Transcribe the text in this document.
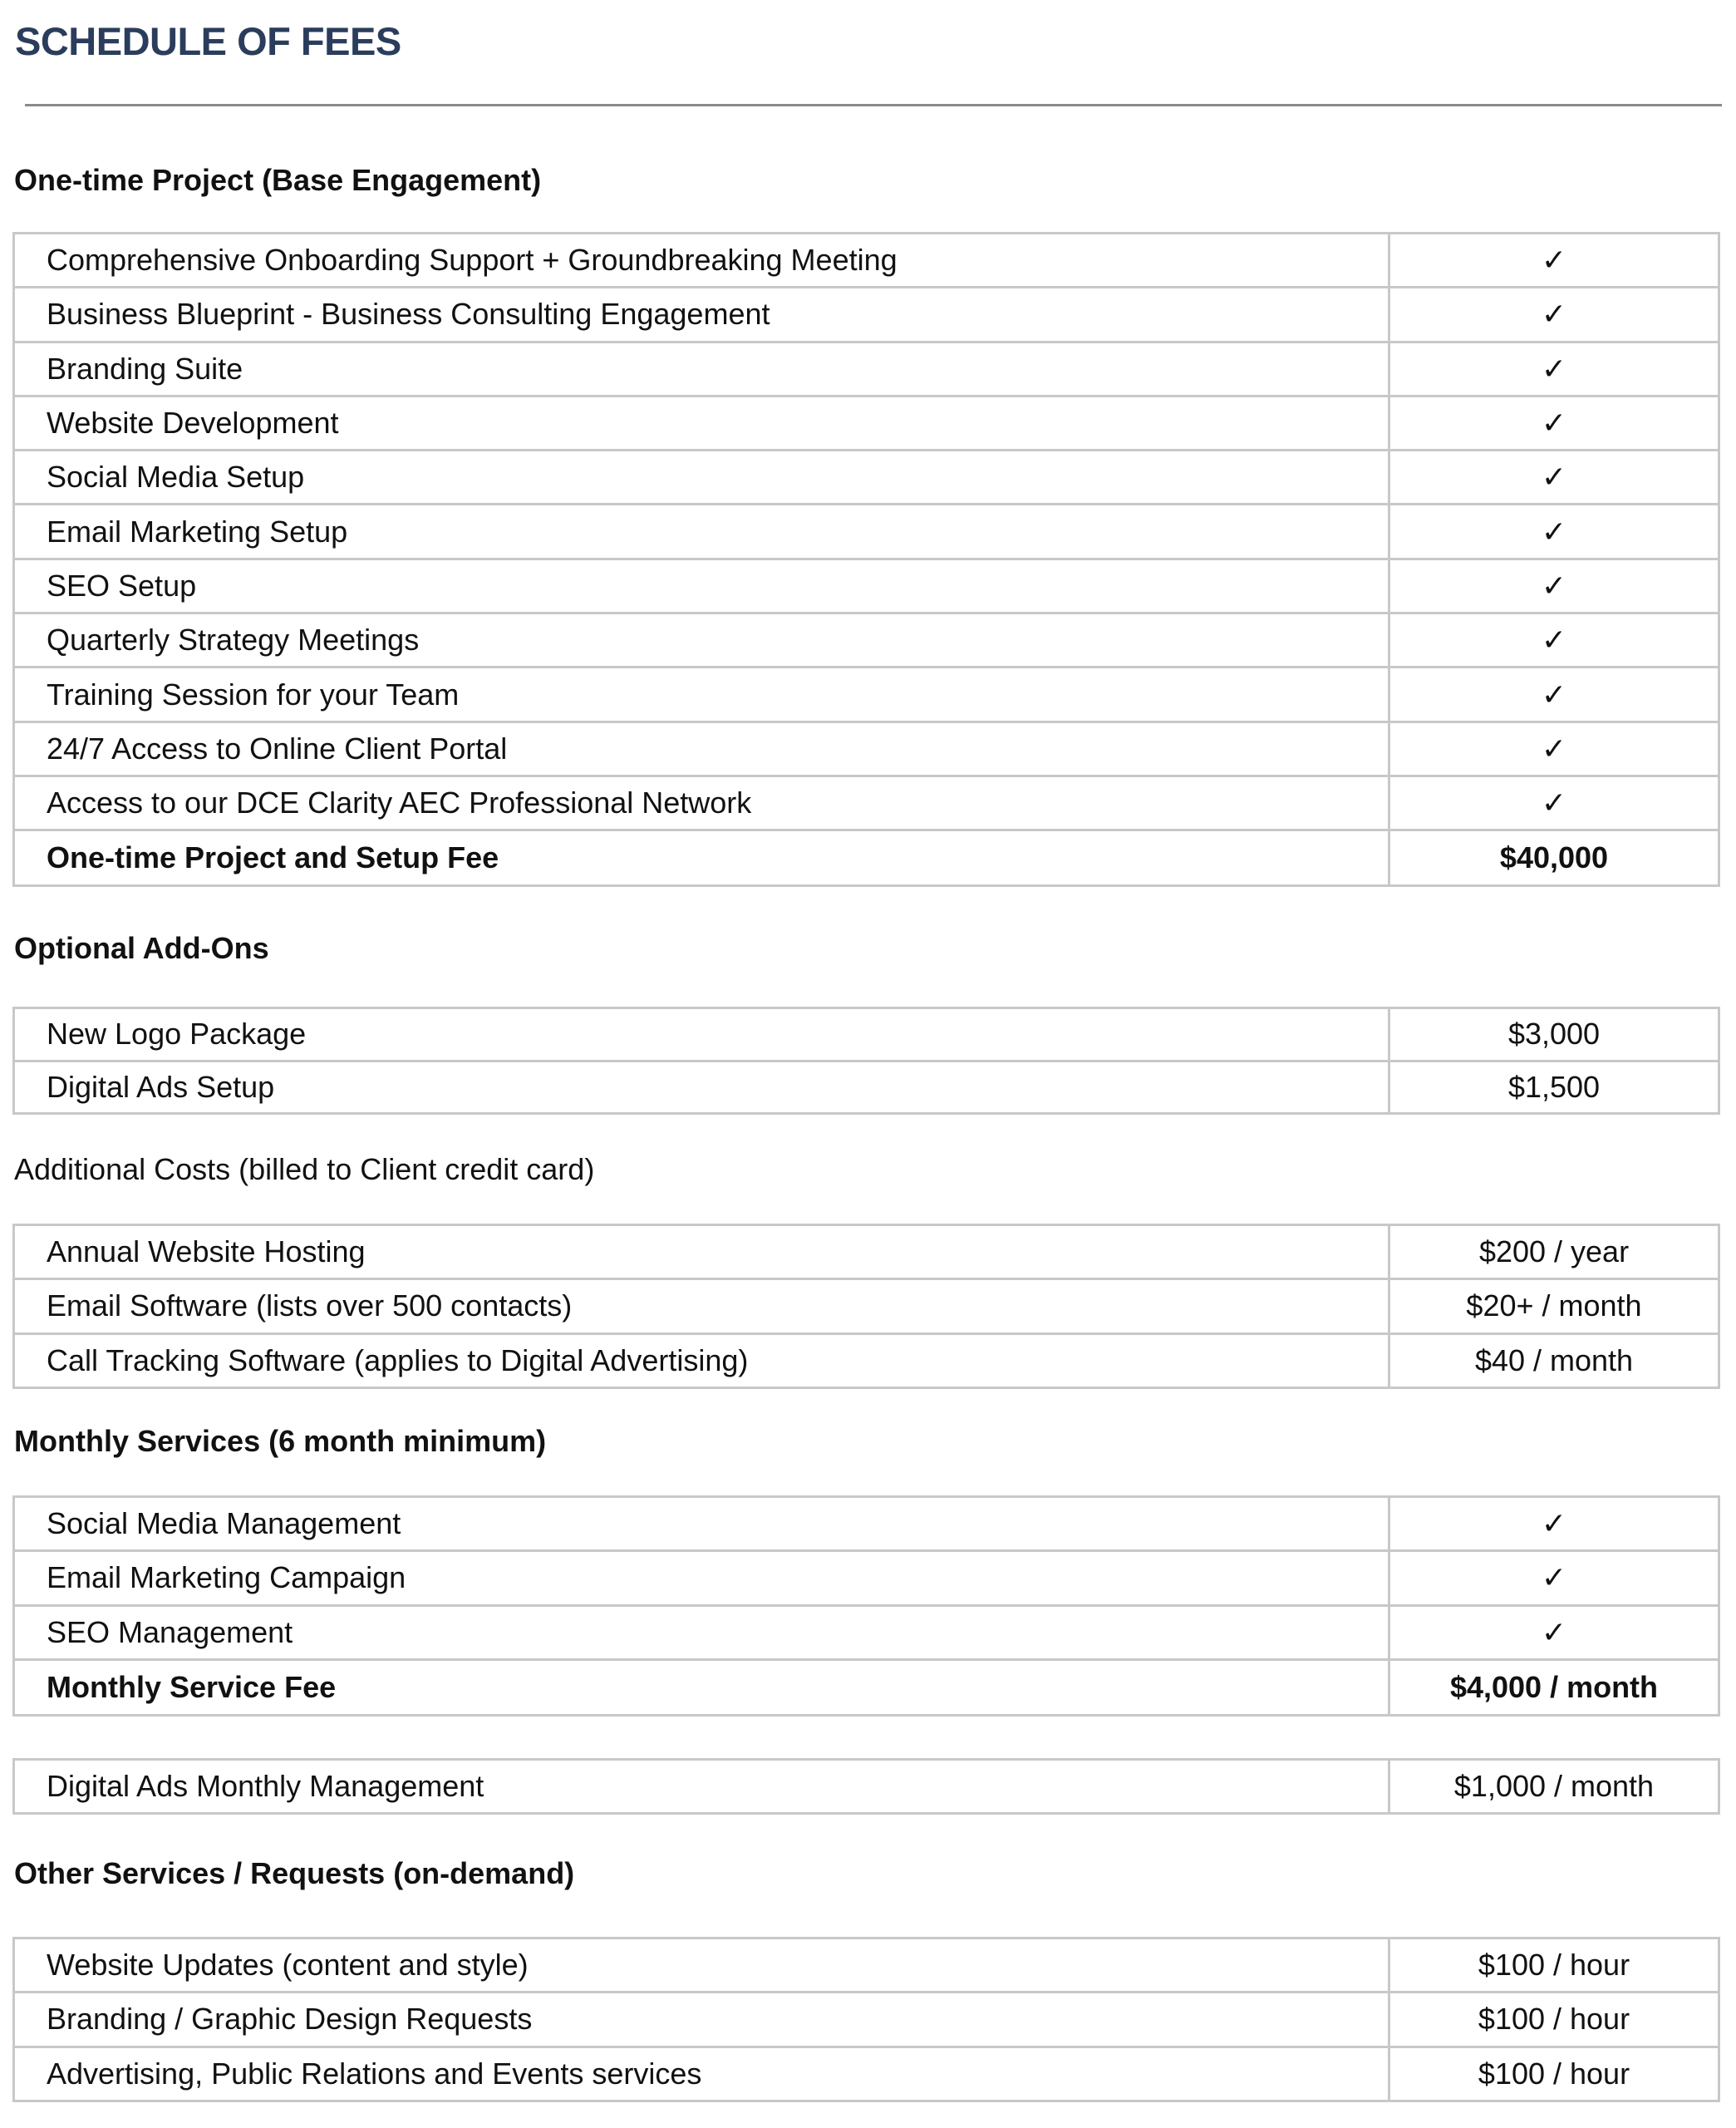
SCHEDULE OF FEES
One-time Project (Base Engagement)
Comprehensive Onboarding Support + Groundbreaking Meeting	✓
Business Blueprint - Business Consulting Engagement	✓
Branding Suite	✓
Website Development	✓
Social Media Setup	✓
Email Marketing Setup	✓
SEO Setup	✓
Quarterly Strategy Meetings	✓
Training Session for your Team	✓
24/7 Access to Online Client Portal	✓
Access to our DCE Clarity AEC Professional Network	✓
One-time Project and Setup Fee	$40,000
Optional Add-Ons
New Logo Package	$3,000
Digital Ads Setup	$1,500
Additional Costs (billed to Client credit card)
Annual Website Hosting	$200 / year
Email Software (lists over 500 contacts)	$20+ / month
Call Tracking Software (applies to Digital Advertising)	$40 / month
Monthly Services (6 month minimum)
Social Media Management	✓
Email Marketing Campaign	✓
SEO Management	✓
Monthly Service Fee	$4,000 / month
Digital Ads Monthly Management	$1,000 / month
Other Services / Requests (on-demand)
Website Updates (content and style)	$100 / hour
Branding / Graphic Design Requests	$100 / hour
Advertising, Public Relations and Events services	$100 / hour
